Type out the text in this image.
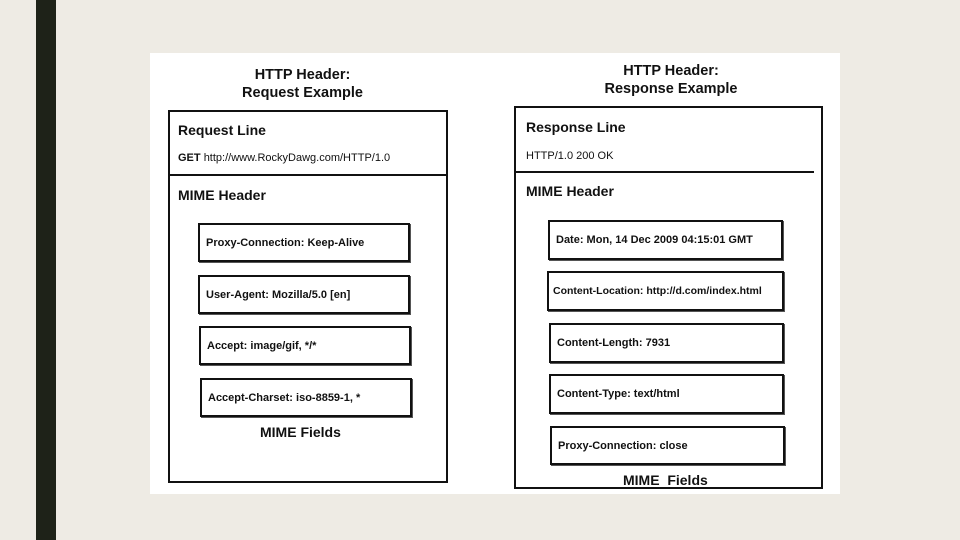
HTTP Header:
Request Example
Request Line
GET http://www.RockyDawg.com/HTTP/1.0
MIME Header
Proxy-Connection: Keep-Alive
User-Agent: Mozilla/5.0 [en]
Accept: image/gif, */*
Accept-Charset: iso-8859-1, *
MIME Fields
HTTP Header:
Response Example
Response Line
HTTP/1.0 200 OK
MIME Header
Date: Mon, 14 Dec 2009 04:15:01 GMT
Content-Location: http://d.com/index.html
Content-Length: 7931
Content-Type: text/html
Proxy-Connection: close
MIME  Fields
